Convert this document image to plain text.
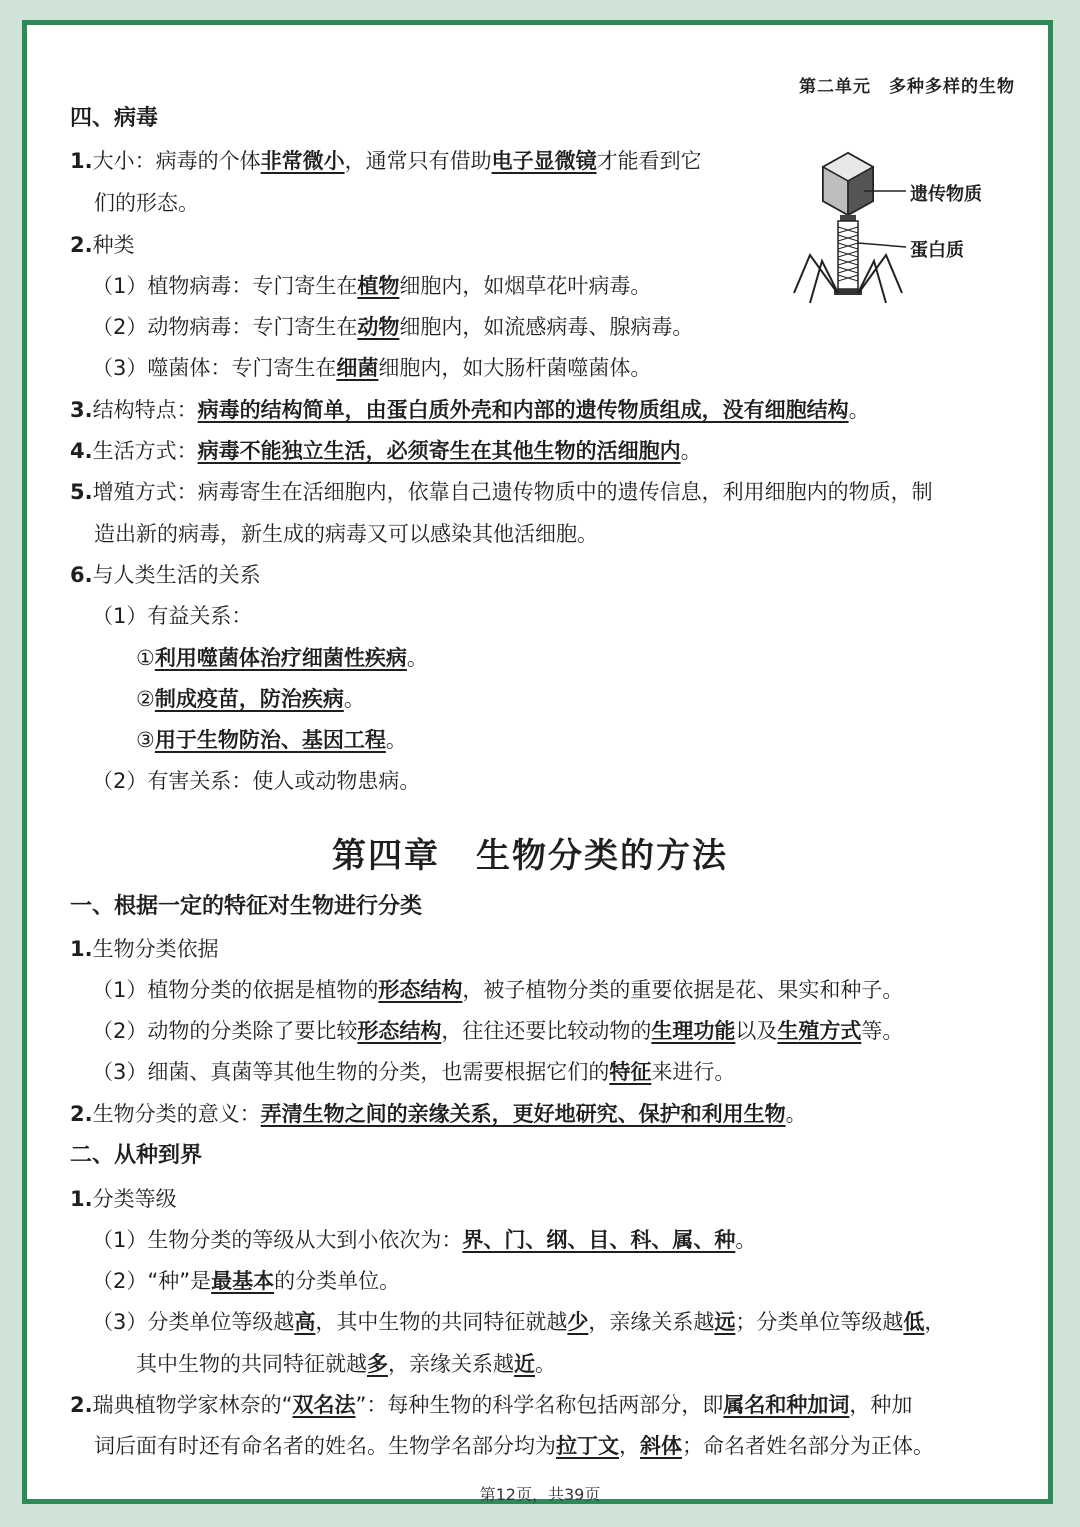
第二单元　多种多样的生物
遗传物质
蛋白质
四、病毒
1.大小：病毒的个体非常微小，通常只有借助电子显微镜才能看到它
们的形态。
2.种类
（1）植物病毒：专门寄生在植物细胞内，如烟草花叶病毒。
（2）动物病毒：专门寄生在动物细胞内，如流感病毒、腺病毒。
（3）噬菌体：专门寄生在细菌细胞内，如大肠杆菌噬菌体。
3.结构特点：病毒的结构简单，由蛋白质外壳和内部的遗传物质组成，没有细胞结构。
4.生活方式：病毒不能独立生活，必须寄生在其他生物的活细胞内。
5.增殖方式：病毒寄生在活细胞内，依靠自己遗传物质中的遗传信息，利用细胞内的物质，制
造出新的病毒，新生成的病毒又可以感染其他活细胞。
6.与人类生活的关系
（1）有益关系：
①利用噬菌体治疗细菌性疾病。
②制成疫苗，防治疾病。
③用于生物防治、基因工程。
（2）有害关系：使人或动物患病。
第四章　生物分类的方法
一、根据一定的特征对生物进行分类
1.生物分类依据
（1）植物分类的依据是植物的形态结构，被子植物分类的重要依据是花、果实和种子。
（2）动物的分类除了要比较形态结构，往往还要比较动物的生理功能以及生殖方式等。
（3）细菌、真菌等其他生物的分类，也需要根据它们的特征来进行。
2.生物分类的意义：弄清生物之间的亲缘关系，更好地研究、保护和利用生物。
二、从种到界
1.分类等级
（1）生物分类的等级从大到小依次为：界、门、纲、目、科、属、种。
（2）“种”是最基本的分类单位。
（3）分类单位等级越高，其中生物的共同特征就越少，亲缘关系越远；分类单位等级越低，
其中生物的共同特征就越多，亲缘关系越近。
2.瑞典植物学家林奈的“双名法”：每种生物的科学名称包括两部分，即属名和种加词，种加
词后面有时还有命名者的姓名。生物学名部分均为拉丁文，斜体；命名者姓名部分为正体。
第12页，共39页
